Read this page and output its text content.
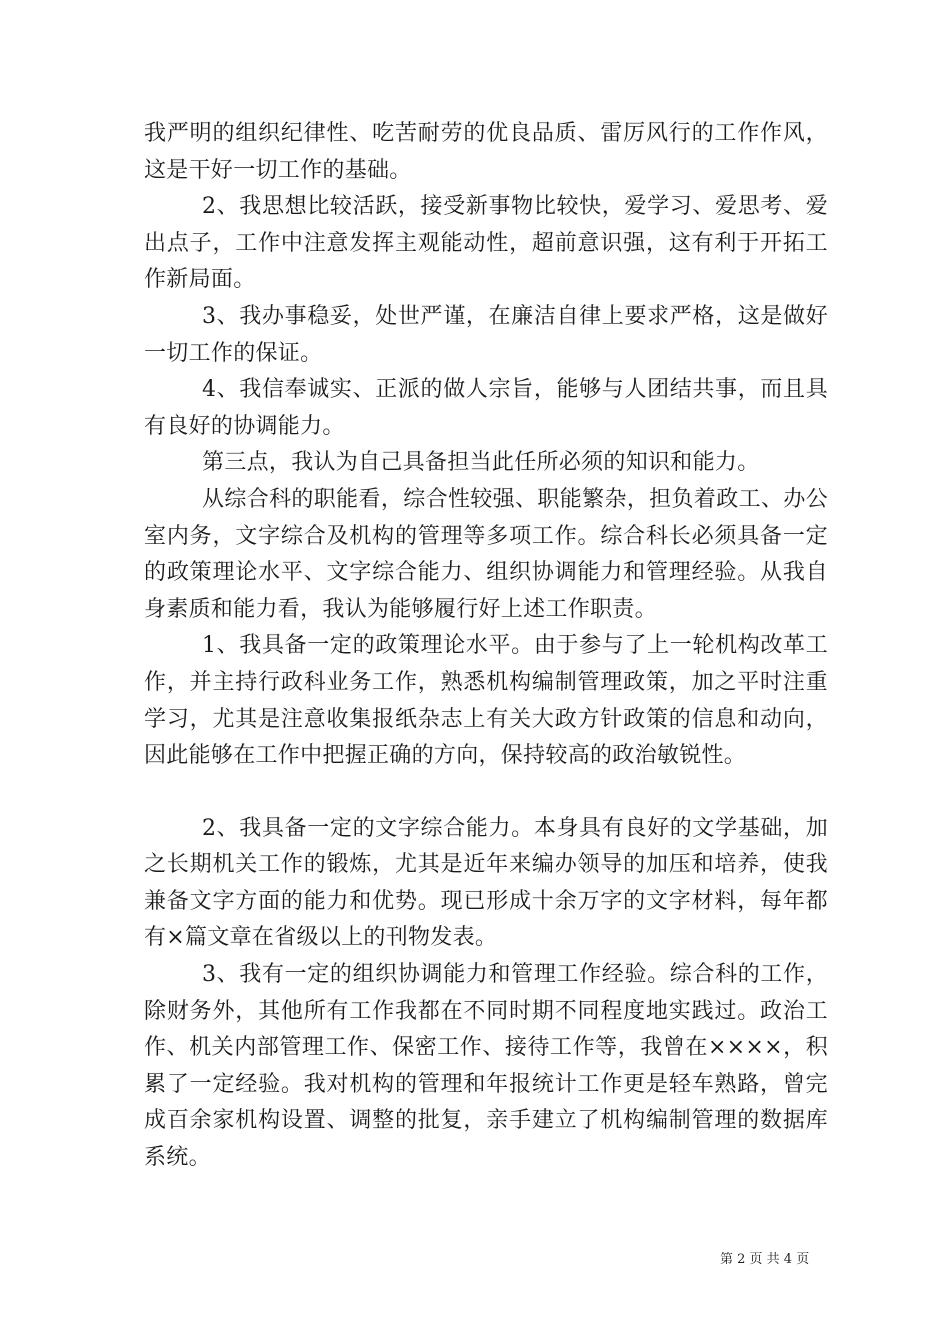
我严明的组织纪律性、吃苦耐劳的优良品质、雷厉风行的工作作风，这是干好一切工作的基础。

2、我思想比较活跃，接受新事物比较快，爱学习、爱思考、爱出点子，工作中注意发挥主观能动性，超前意识强，这有利于开拓工作新局面。

3、我办事稳妥，处世严谨，在廉洁自律上要求严格，这是做好一切工作的保证。

4、我信奉诚实、正派的做人宗旨，能够与人团结共事，而且具有良好的协调能力。

第三点，我认为自己具备担当此任所必须的知识和能力。

从综合科的职能看，综合性较强、职能繁杂，担负着政工、办公室内务，文字综合及机构的管理等多项工作。综合科长必须具备一定的政策理论水平、文字综合能力、组织协调能力和管理经验。从我自身素质和能力看，我认为能够履行好上述工作职责。

1、我具备一定的政策理论水平。由于参与了上一轮机构改革工作，并主持行政科业务工作，熟悉机构编制管理政策，加之平时注重学习，尤其是注意收集报纸杂志上有关大政方针政策的信息和动向，因此能够在工作中把握正确的方向，保持较高的政治敏锐性。

2、我具备一定的文字综合能力。本身具有良好的文学基础，加之长期机关工作的锻炼，尤其是近年来编办领导的加压和培养，使我兼备文字方面的能力和优势。现已形成十余万字的文字材料，每年都有×篇文章在省级以上的刊物发表。

3、我有一定的组织协调能力和管理工作经验。综合科的工作，除财务外，其他所有工作我都在不同时期不同程度地实践过。政治工作、机关内部管理工作、保密工作、接待工作等，我曾在××××，积累了一定经验。我对机构的管理和年报统计工作更是轻车熟路，曾完成百余家机构设置、调整的批复，亲手建立了机构编制管理的数据库系统。

第 2 页 共 4 页
